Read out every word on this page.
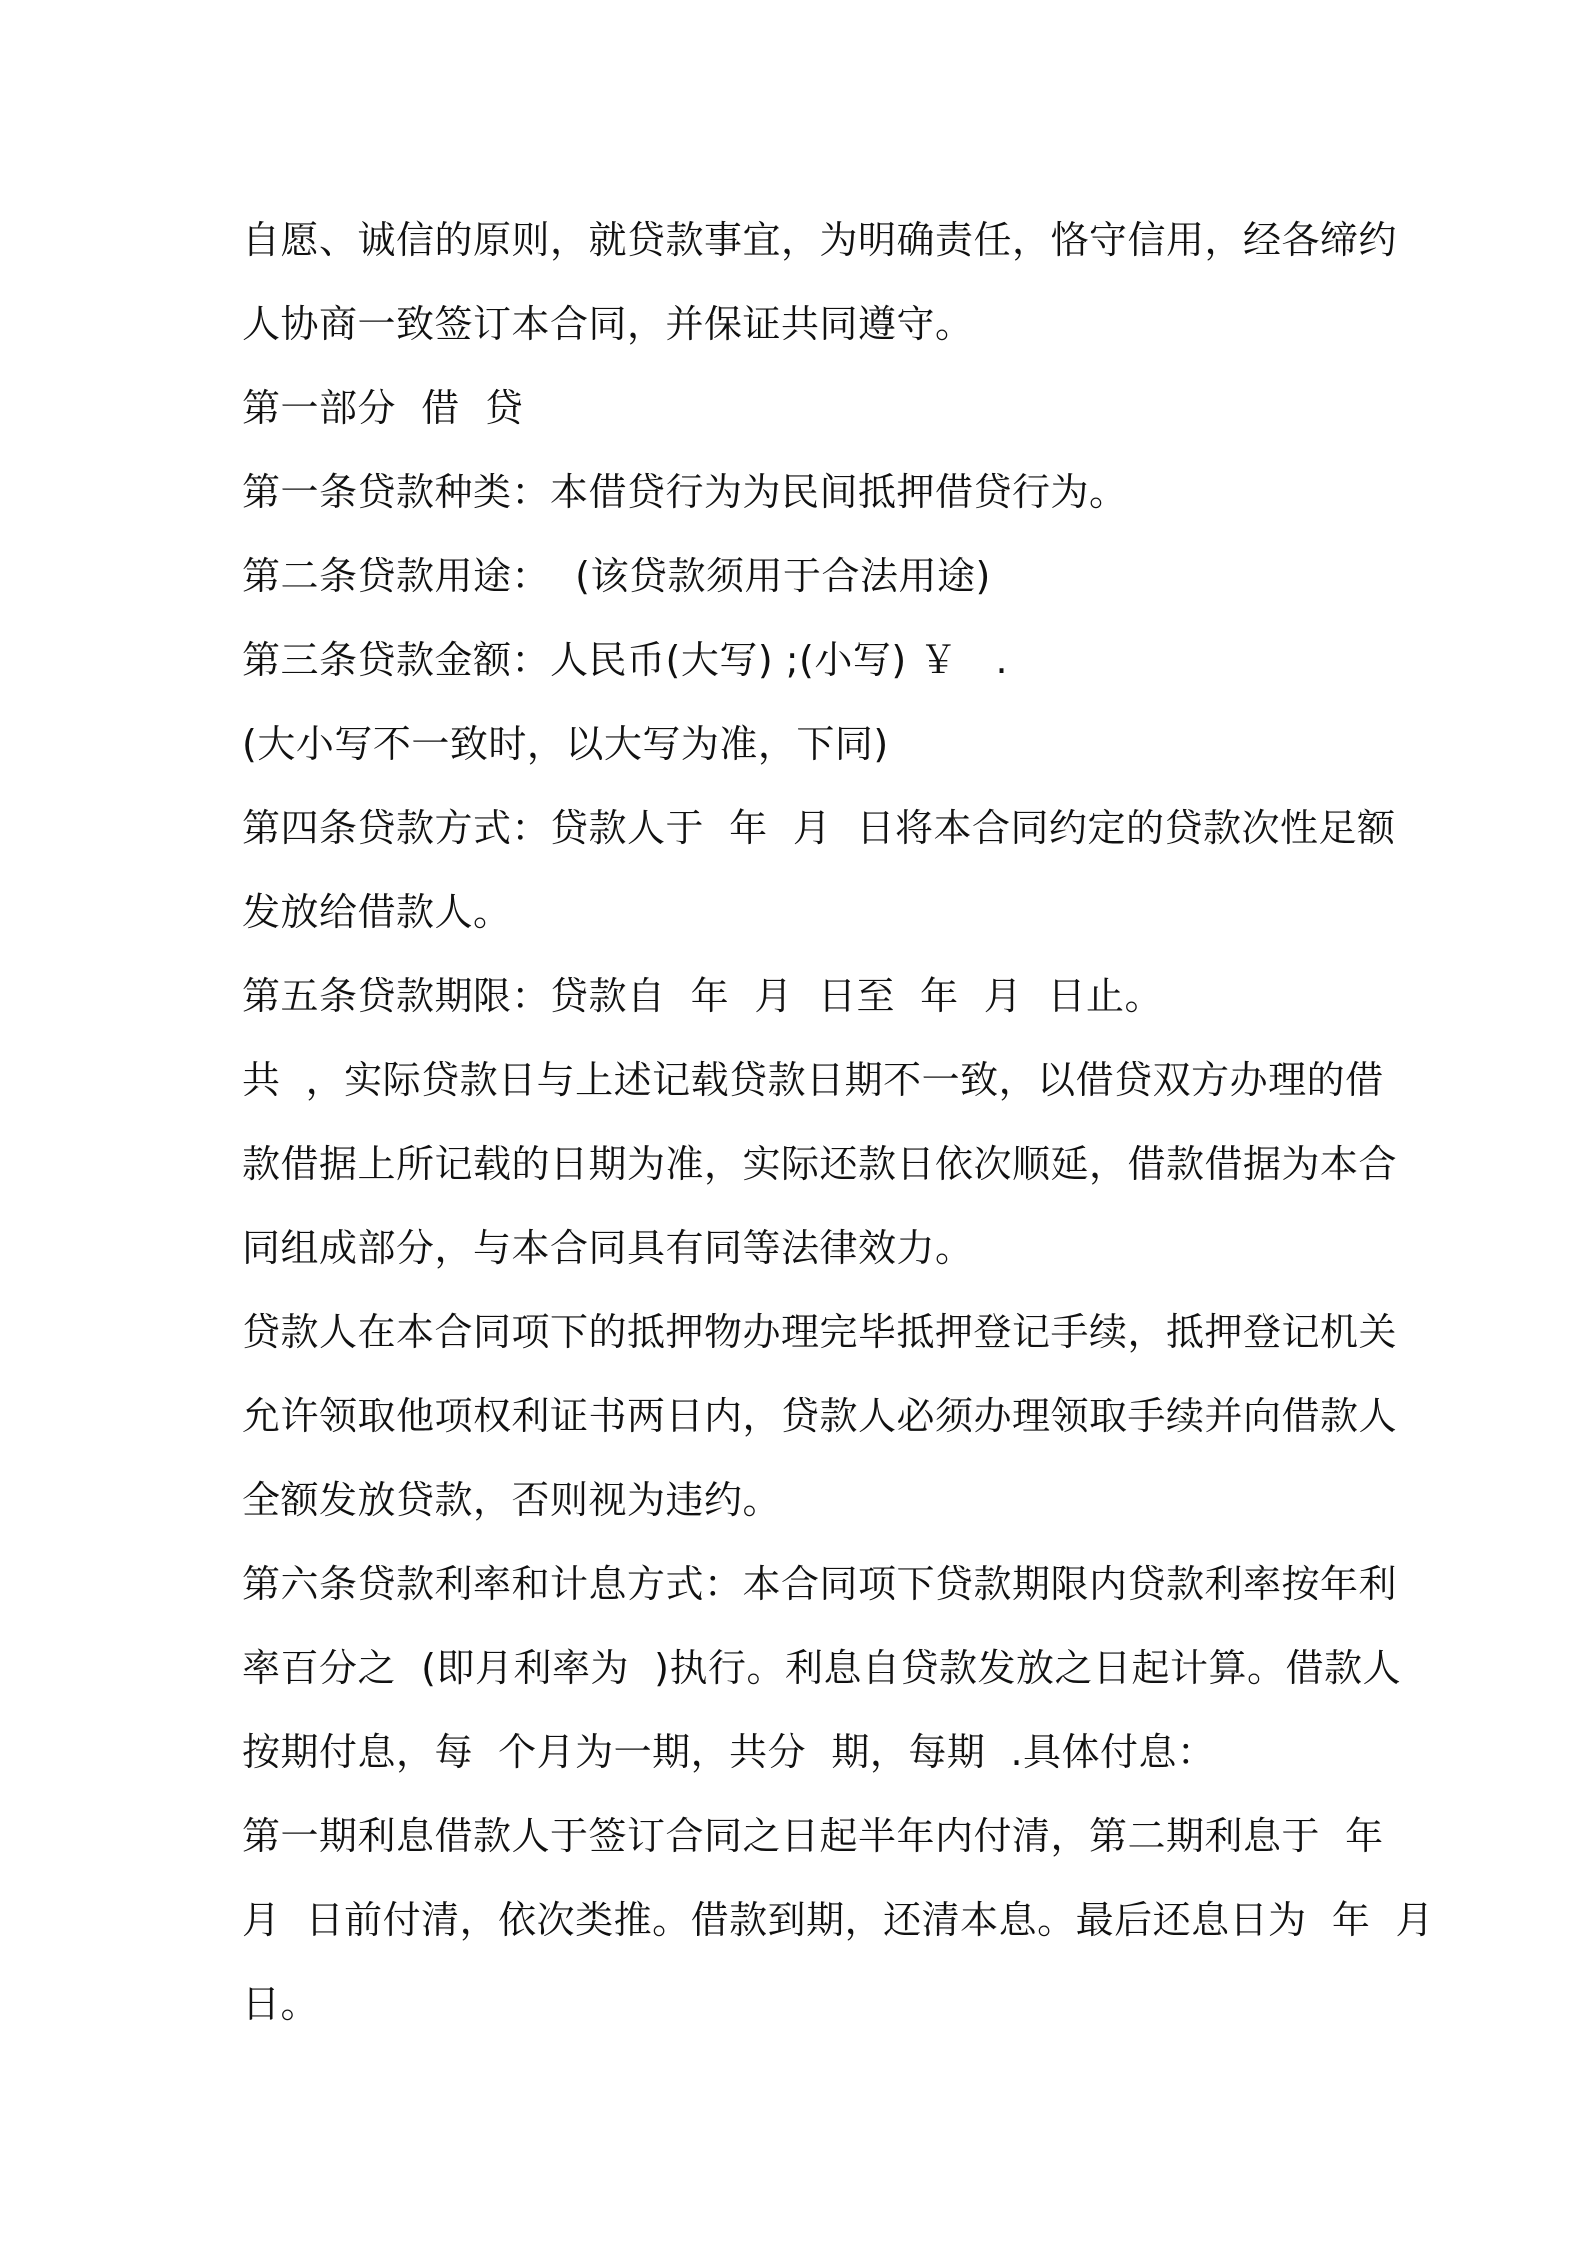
自愿、诚信的原则，就贷款事宜，为明确责任，恪守信用，经各缔约
人协商一致签订本合同，并保证共同遵守。
第一部分  借  贷
第一条贷款种类：本借贷行为为民间抵押借贷行为。
第二条贷款用途：  (该贷款须用于合法用途)
第三条贷款金额：人民币(大写) ;(小写) ￥   .
(大小写不一致时，以大写为准，下同)
第四条贷款方式：贷款人于  年  月  日将本合同约定的贷款次性足额
发放给借款人。
第五条贷款期限：贷款自  年  月  日至  年  月  日止。
共  ，实际贷款日与上述记载贷款日期不一致，以借贷双方办理的借
款借据上所记载的日期为准，实际还款日依次顺延，借款借据为本合
同组成部分，与本合同具有同等法律效力。
贷款人在本合同项下的抵押物办理完毕抵押登记手续，抵押登记机关
允许领取他项权利证书两日内，贷款人必须办理领取手续并向借款人
全额发放贷款，否则视为违约。
第六条贷款利率和计息方式：本合同项下贷款期限内贷款利率按年利
率百分之  (即月利率为  )执行。利息自贷款发放之日起计算。借款人
按期付息，每  个月为一期，共分  期，每期  .具体付息：
第一期利息借款人于签订合同之日起半年内付清，第二期利息于  年
月  日前付清，依次类推。借款到期，还清本息。最后还息日为  年  月
日。
